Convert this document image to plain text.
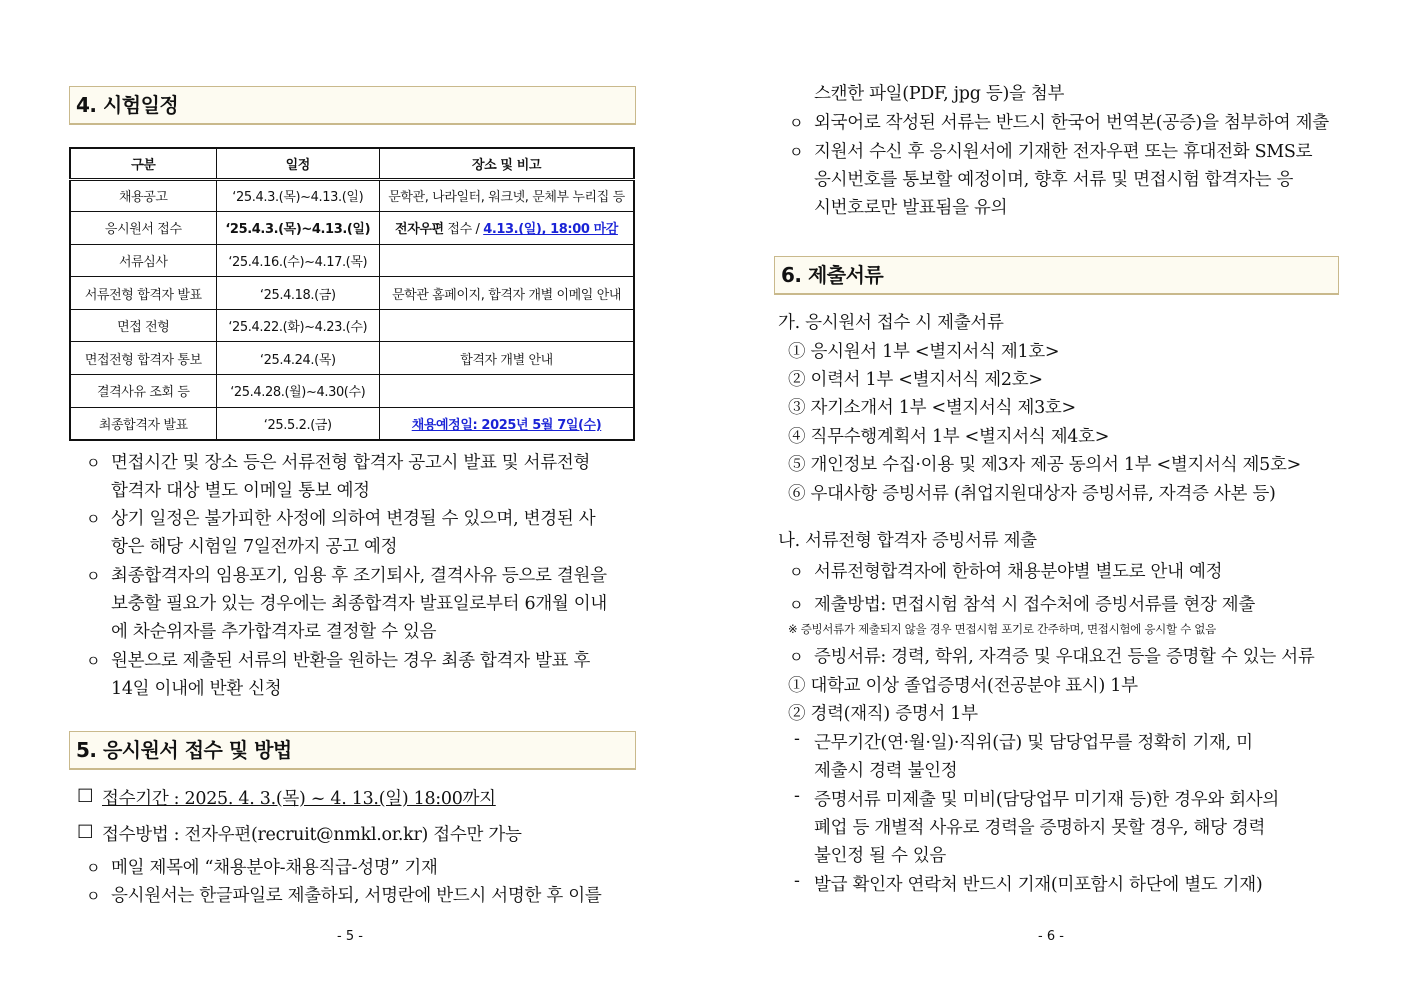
4. 시험일정
구분	일정	장소 및 비고
채용공고	‘25.4.3.(목)~4.13.(일)	문학관, 나라일터, 워크넷, 문체부 누리집 등
응시원서 접수	‘25.4.3.(목)~4.13.(일)	전자우편 접수 / 4.13.(일), 18:00 마감
서류심사	‘25.4.16.(수)~4.17.(목)	
서류전형 합격자 발표	‘25.4.18.(금)	문학관 홈페이지, 합격자 개별 이메일 안내
면접 전형	‘25.4.22.(화)~4.23.(수)	
면접전형 합격자 통보	‘25.4.24.(목)	합격자 개별 안내
결격사유 조회 등	‘25.4.28.(월)~4.30(수)	
최종합격자 발표	‘25.5.2.(금)	채용예정일: 2025년 5월 7일(수)
ㅇ 면접시간 및 장소 등은 서류전형 합격자 공고시 발표 및 서류전형
합격자 대상 별도 이메일 통보 예정
ㅇ 상기 일정은 불가피한 사정에 의하여 변경될 수 있으며, 변경된 사
항은 해당 시험일 7일전까지 공고 예정
ㅇ 최종합격자의 임용포기, 임용 후 조기퇴사, 결격사유 등으로 결원을
보충할 필요가 있는 경우에는 최종합격자 발표일로부터 6개월 이내
에 차순위자를 추가합격자로 결정할 수 있음
ㅇ 원본으로 제출된 서류의 반환을 원하는 경우 최종 합격자 발표 후
14일 이내에 반환 신청
5. 응시원서 접수 및 방법
□ 접수기간 : 2025. 4. 3.(목) ~ 4. 13.(일) 18:00까지
□ 접수방법 : 전자우편(recruit@nmkl.or.kr) 접수만 가능
ㅇ 메일 제목에 “채용분야-채용직급-성명” 기재
ㅇ 응시원서는 한글파일로 제출하되, 서명란에 반드시 서명한 후 이를
- 5 -
스캔한 파일(PDF, jpg 등)을 첨부
ㅇ 외국어로 작성된 서류는 반드시 한국어 번역본(공증)을 첨부하여 제출
ㅇ 지원서 수신 후 응시원서에 기재한 전자우편 또는 휴대전화 SMS로
응시번호를 통보할 예정이며, 향후 서류 및 면접시험 합격자는 응
시번호로만 발표됨을 유의
6. 제출서류
가. 응시원서 접수 시 제출서류
① 응시원서 1부 <별지서식 제1호>
② 이력서 1부 <별지서식 제2호>
③ 자기소개서 1부 <별지서식 제3호>
④ 직무수행계획서 1부 <별지서식 제4호>
⑤ 개인정보 수집·이용 및 제3자 제공 동의서 1부 <별지서식 제5호>
⑥ 우대사항 증빙서류 (취업지원대상자 증빙서류, 자격증 사본 등)
나. 서류전형 합격자 증빙서류 제출
ㅇ 서류전형합격자에 한하여 채용분야별 별도로 안내 예정
ㅇ 제출방법: 면접시험 참석 시 접수처에 증빙서류를 현장 제출
※ 증빙서류가 제출되지 않을 경우 면접시험 포기로 간주하며, 면접시험에 응시할 수 없음
ㅇ 증빙서류: 경력, 학위, 자격증 및 우대요건 등을 증명할 수 있는 서류
① 대학교 이상 졸업증명서(전공분야 표시) 1부
② 경력(재직) 증명서 1부
- 근무기간(연·월·일)·직위(급) 및 담당업무를 정확히 기재, 미
제출시 경력 불인정
- 증명서류 미제출 및 미비(담당업무 미기재 등)한 경우와 회사의
폐업 등 개별적 사유로 경력을 증명하지 못할 경우, 해당 경력
불인정 될 수 있음
- 발급 확인자 연락처 반드시 기재(미포함시 하단에 별도 기재)
- 6 -
